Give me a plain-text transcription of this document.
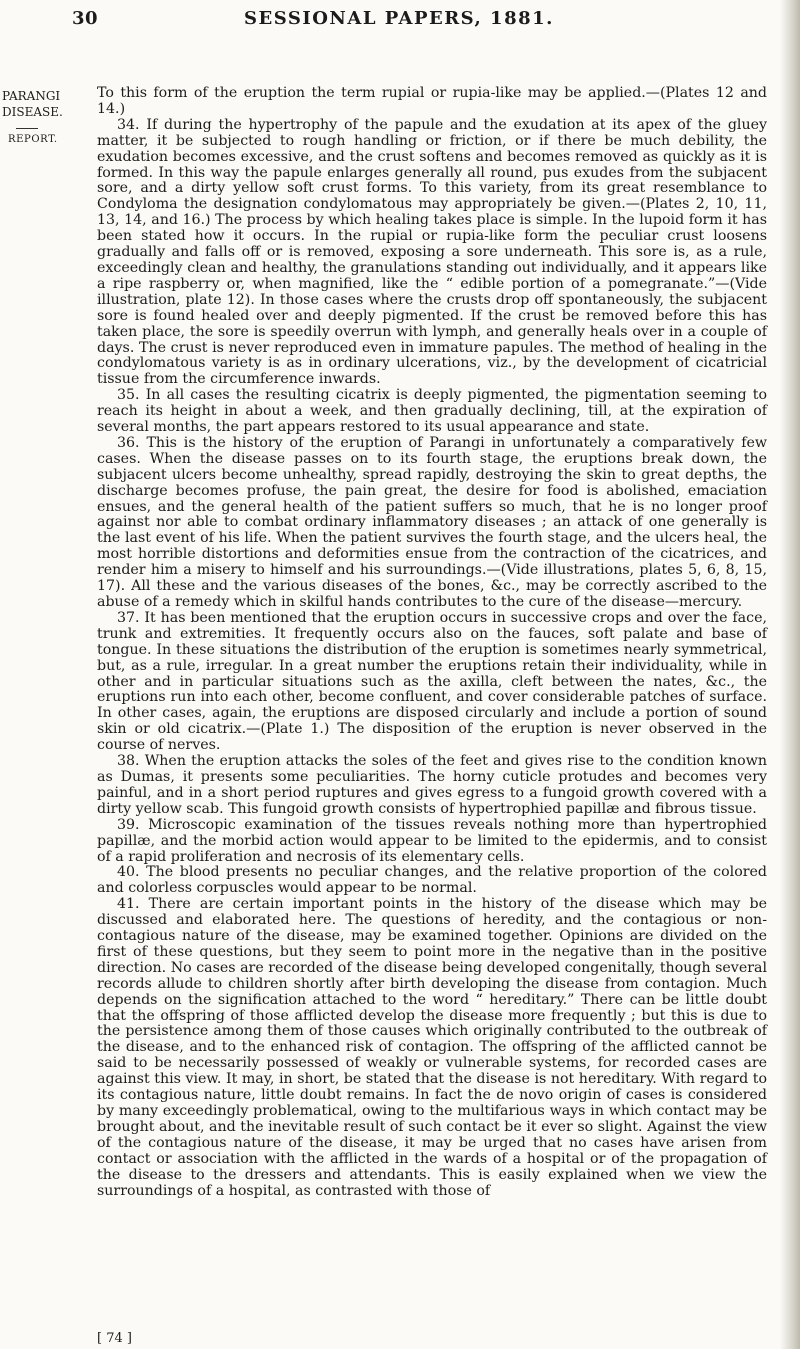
30	SESSIONAL PAPERS, 1881.
PARANGI
DISEASE.
REPORT.

To this form of the eruption the term rupial or rupia-like may be applied.—(Plates 12 and 14.)

34. If during the hypertrophy of the papule and the exudation at its apex of the gluey matter, it be subjected to rough handling or friction, or if there be much debility, the exudation becomes excessive, and the crust softens and becomes removed as quickly as it is formed. In this way the papule enlarges generally all round, pus exudes from the subjacent sore, and a dirty yellow soft crust forms. To this variety, from its great resemblance to Condyloma the designation condylomatous may appropriately be given.—(Plates 2, 10, 11, 13, 14, and 16.) The process by which healing takes place is simple. In the lupoid form it has been stated how it occurs. In the rupial or rupia-like form the peculiar crust loosens gradually and falls off or is removed, exposing a sore underneath. This sore is, as a rule, exceedingly clean and healthy, the granulations standing out individually, and it appears like a ripe raspberry or, when magnified, like the “ edible portion of a pomegranate.”—(Vide illustration, plate 12). In those cases where the crusts drop off spontaneously, the subjacent sore is found healed over and deeply pigmented. If the crust be removed before this has taken place, the sore is speedily overrun with lymph, and generally heals over in a couple of days. The crust is never reproduced even in immature papules. The method of healing in the condylomatous variety is as in ordinary ulcerations, viz., by the development of cicatricial tissue from the circumference inwards.

35. In all cases the resulting cicatrix is deeply pigmented, the pigmentation seeming to reach its height in about a week, and then gradually declining, till, at the expiration of several months, the part appears restored to its usual appearance and state.

36. This is the history of the eruption of Parangi in unfortunately a comparatively few cases. When the disease passes on to its fourth stage, the eruptions break down, the subjacent ulcers become unhealthy, spread rapidly, destroying the skin to great depths, the discharge becomes profuse, the pain great, the desire for food is abolished, emaciation ensues, and the general health of the patient suffers so much, that he is no longer proof against nor able to combat ordinary inflammatory diseases ; an attack of one generally is the last event of his life. When the patient survives the fourth stage, and the ulcers heal, the most horrible distortions and deformities ensue from the contraction of the cicatrices, and render him a misery to himself and his surroundings.—(Vide illustrations, plates 5, 6, 8, 15, 17). All these and the various diseases of the bones, &c., may be correctly ascribed to the abuse of a remedy which in skilful hands contributes to the cure of the disease—mercury.

37. It has been mentioned that the eruption occurs in successive crops and over the face, trunk and extremities. It frequently occurs also on the fauces, soft palate and base of tongue. In these situations the distribution of the eruption is sometimes nearly symmetrical, but, as a rule, irregular. In a great number the eruptions retain their individuality, while in other and in particular situations such as the axilla, cleft between the nates, &c., the eruptions run into each other, become confluent, and cover considerable patches of surface. In other cases, again, the eruptions are disposed circularly and include a portion of sound skin or old cicatrix.—(Plate 1.) The disposition of the eruption is never observed in the course of nerves.

38. When the eruption attacks the soles of the feet and gives rise to the condition known as Dumas, it presents some peculiarities. The horny cuticle protudes and becomes very painful, and in a short period ruptures and gives egress to a fungoid growth covered with a dirty yellow scab. This fungoid growth consists of hypertrophied papillæ and fibrous tissue.

39. Microscopic examination of the tissues reveals nothing more than hypertrophied papillæ, and the morbid action would appear to be limited to the epidermis, and to consist of a rapid proliferation and necrosis of its elementary cells.

40. The blood presents no peculiar changes, and the relative proportion of the colored and colorless corpuscles would appear to be normal.

41. There are certain important points in the history of the disease which may be discussed and elaborated here. The questions of heredity, and the contagious or non-contagious nature of the disease, may be examined together. Opinions are divided on the first of these questions, but they seem to point more in the negative than in the positive direction. No cases are recorded of the disease being developed congenitally, though several records allude to children shortly after birth developing the disease from contagion. Much depends on the signification attached to the word “ hereditary.” There can be little doubt that the offspring of those afflicted develop the disease more frequently ; but this is due to the persistence among them of those causes which originally contributed to the outbreak of the disease, and to the enhanced risk of contagion. The offspring of the afflicted cannot be said to be necessarily possessed of weakly or vulnerable systems, for recorded cases are against this view. It may, in short, be stated that the disease is not hereditary. With regard to its contagious nature, little doubt remains. In fact the de novo origin of cases is considered by many exceedingly problematical, owing to the multifarious ways in which contact may be brought about, and the inevitable result of such contact be it ever so slight. Against the view of the contagious nature of the disease, it may be urged that no cases have arisen from contact or association with the afflicted in the wards of a hospital or of the propagation of the disease to the dressers and attendants. This is easily explained when we view the surroundings of a hospital, as contrasted with those of

[ 74 ]
